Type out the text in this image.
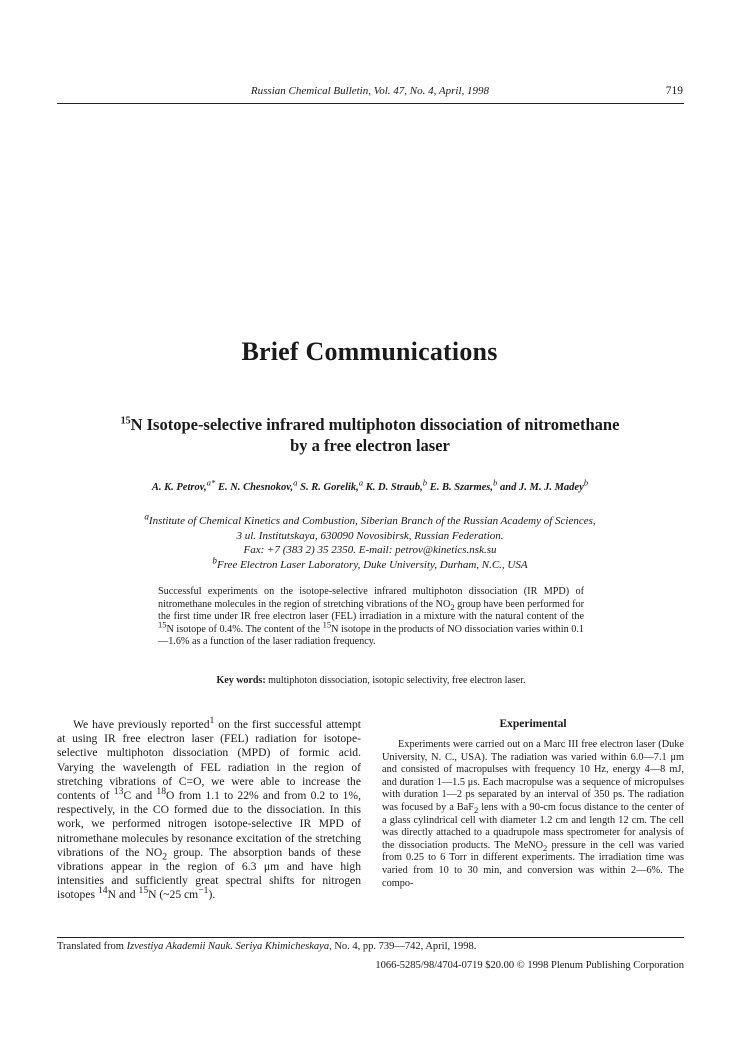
Russian Chemical Bulletin, Vol. 47, No. 4, April, 1998	719
Brief Communications
$^{15}$N Isotope-selective infrared multiphoton dissociation of nitromethane
by a free electron laser
A. K. Petrov,$^{a*}$ E. N. Chesnokov,$^a$ S. R. Gorelik,$^a$ K. D. Straub,$^b$ E. B. Szarmes,$^b$ and J. M. J. Madey$^b$
$^a$Institute of Chemical Kinetics and Combustion, Siberian Branch of the Russian Academy of Sciences,
3 ul. Institutskaya, 630090 Novosibirsk, Russian Federation.
Fax: +7 (383 2) 35 2350. E-mail: petrov@kinetics.nsk.su
$^b$Free Electron Laser Laboratory, Duke University, Durham, N.C., USA
Successful experiments on the isotope-selective infrared multiphoton dissociation (IR MPD) of nitromethane molecules in the region of stretching vibrations of the $NO_2$ group have been performed for the first time under IR free electron laser (FEL) irradiation in a mixture with the natural content of the $^{15}$N isotope of 0.4%. The content of the $^{15}$N isotope in the products of NO dissociation varies within 0.1—1.6% as a function of the laser radiation frequency.
Key words: multiphoton dissociation, isotopic selectivity, free electron laser.

We have previously reported$^1$ on the first successful attempt at using IR free electron laser (FEL) radiation for isotope-selective multiphoton dissociation (MPD) of formic acid. Varying the wavelength of FEL radiation in the region of stretching vibrations of C=O, we were able to increase the contents of $^{13}$C and $^{18}$O from 1.1 to 22% and from 0.2 to 1%, respectively, in the CO formed due to the dissociation. In this work, we performed nitrogen isotope-selective IR MPD of nitromethane molecules by resonance excitation of the stretching vibrations of the $NO_2$ group. The absorption bands of these vibrations appear in the region of 6.3 μm and have high intensities and sufficiently great spectral shifts for nitrogen isotopes $^{14}$N and $^{15}$N (~25 $cm^{-1}$).

Experimental

Experiments were carried out on a Marc III free electron laser (Duke University, N. C., USA). The radiation was varied within 6.0—7.1 μm and consisted of macropulses with frequency 10 Hz, energy 4—8 mJ, and duration 1—1.5 μs. Each macropulse was a sequence of micropulses with duration 1—2 ps separated by an interval of 350 ps. The radiation was focused by a BaF$_2$ lens with a 90-cm focus distance to the center of a glass cylindrical cell with diameter 1.2 cm and length 12 cm. The cell was directly attached to a quadrupole mass spectrometer for analysis of the dissociation products. The MeNO$_2$ pressure in the cell was varied from 0.25 to 6 Torr in different experiments. The irradiation time was varied from 10 to 30 min, and conversion was within 2—6%. The compo-

Translated from Izvestiya Akademii Nauk. Seriya Khimicheskaya, No. 4, pp. 739—742, April, 1998.
1066-5285/98/4704-0719 $20.00 © 1998 Plenum Publishing Corporation
